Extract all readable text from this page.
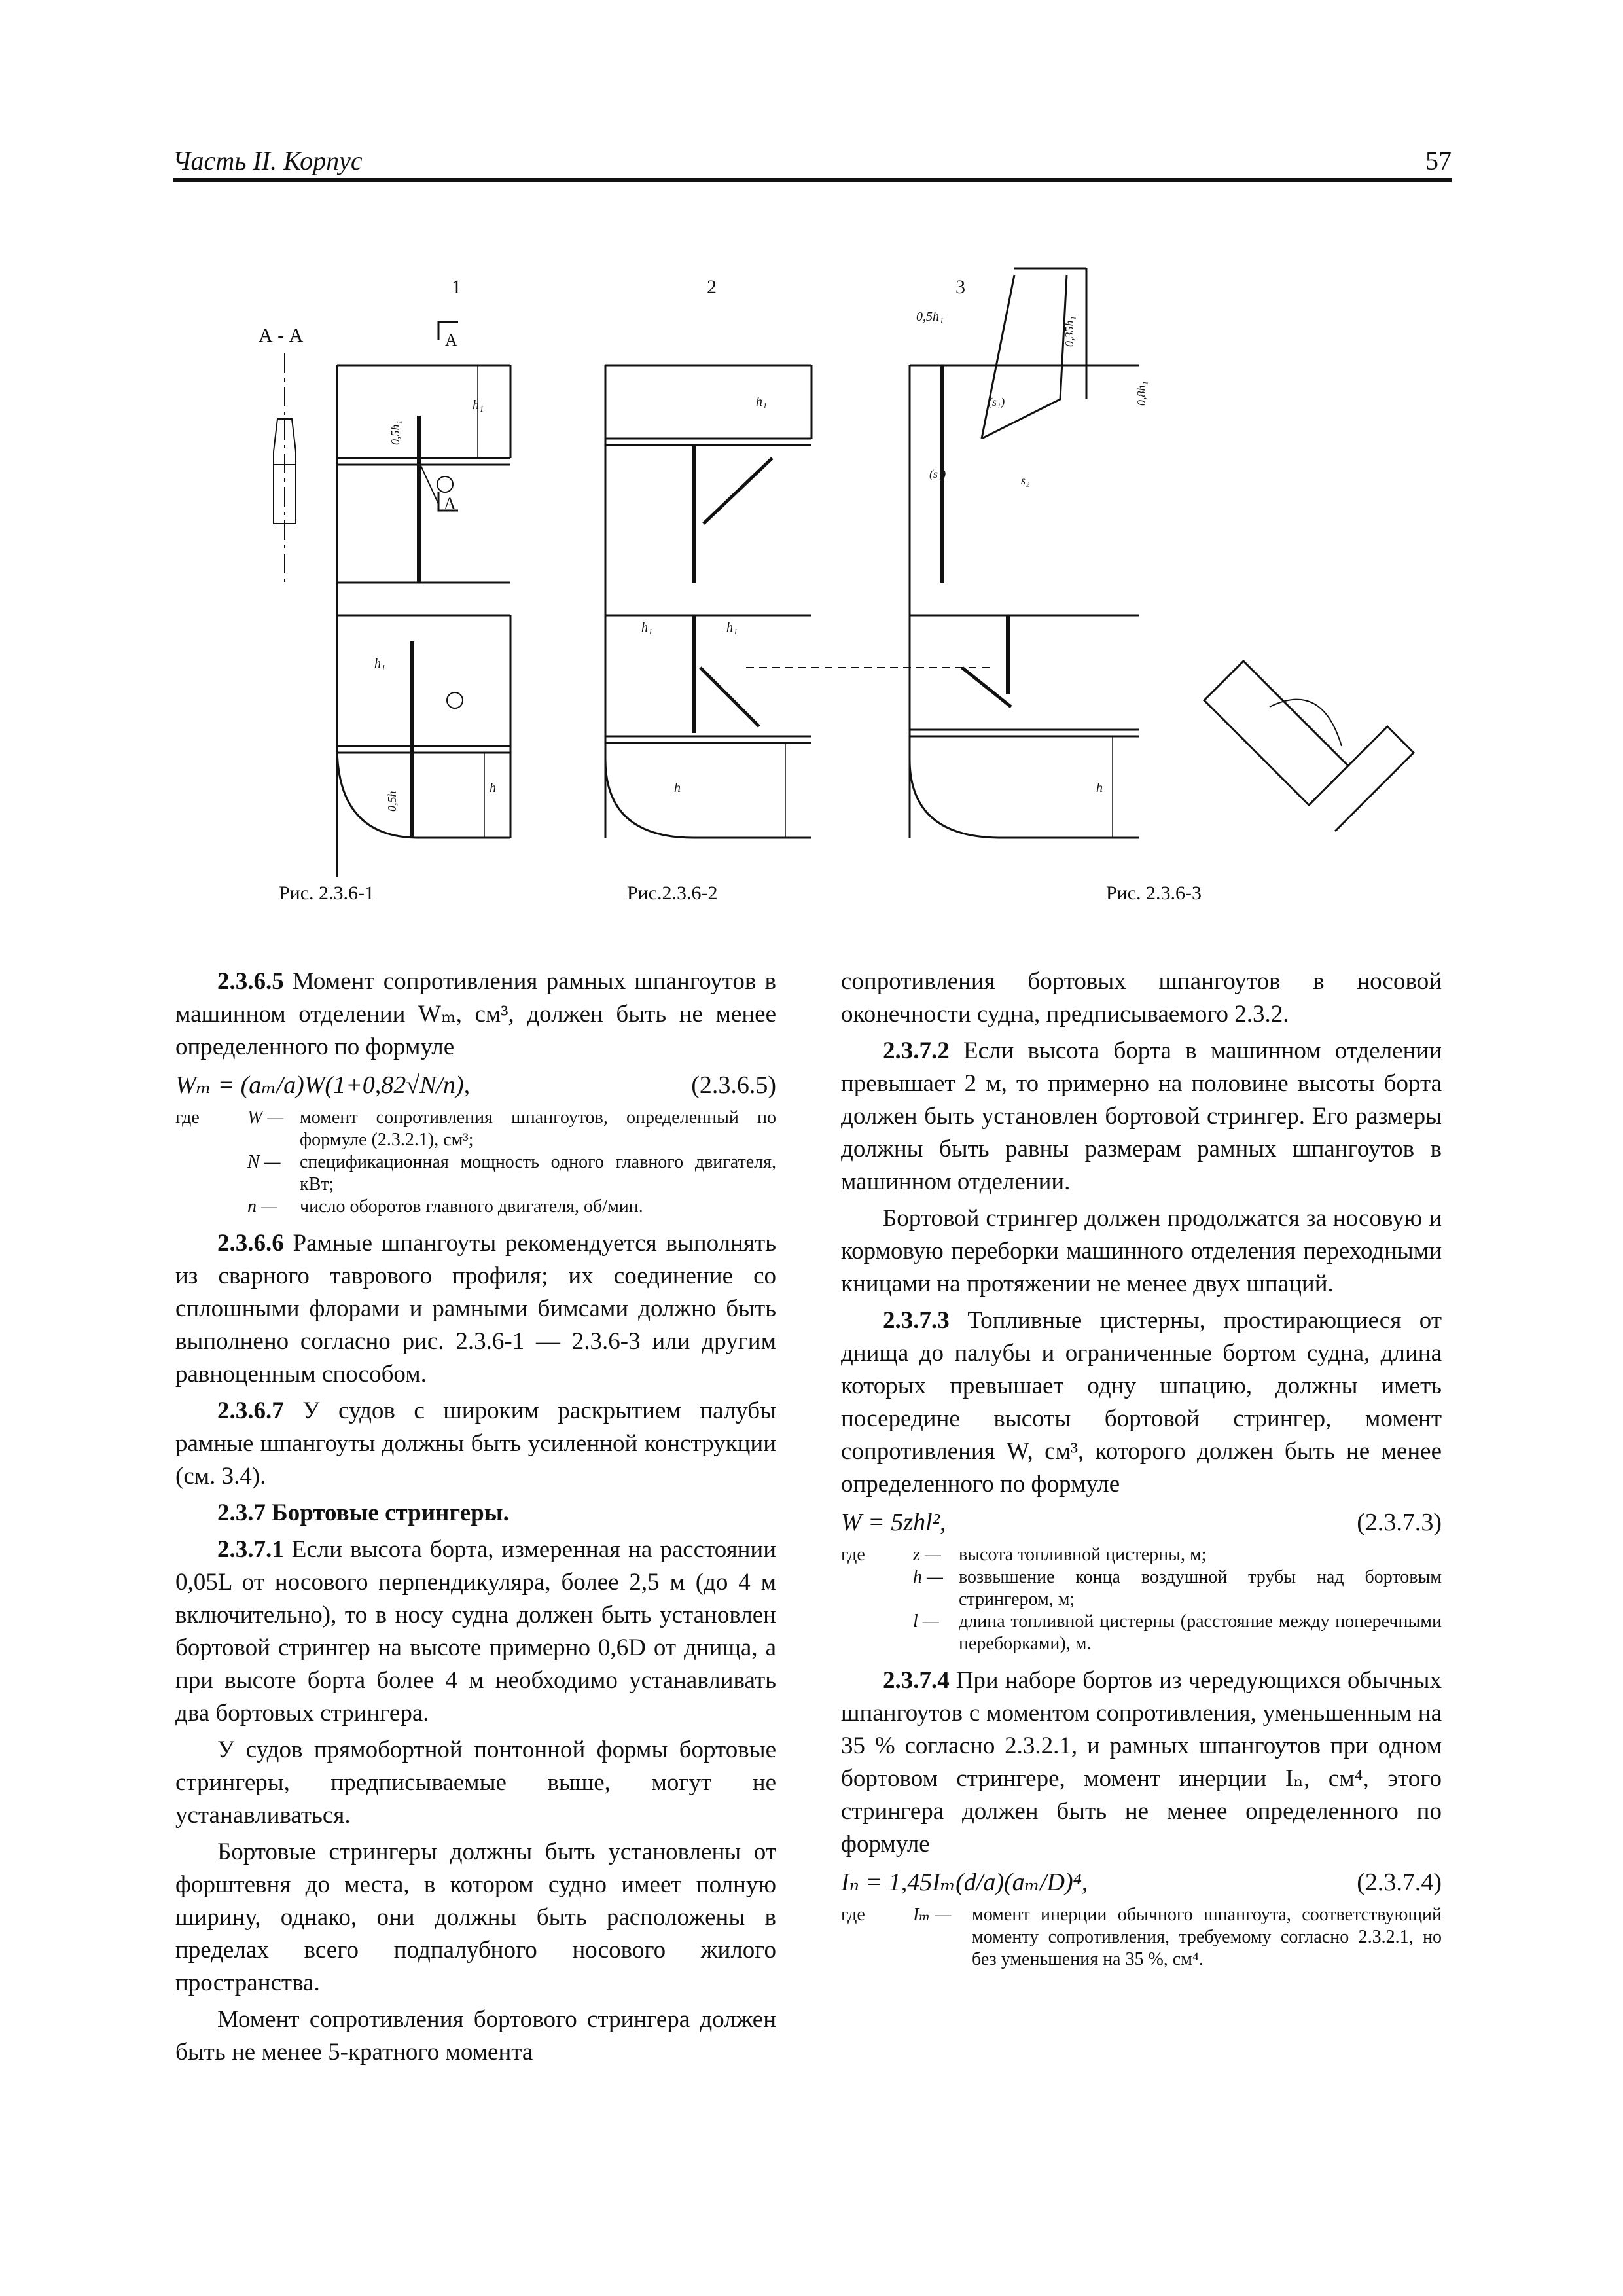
Часть II. Корпус	57
А - А
1
А
А
h₁
0,5h₁
h₁
h
0,5h
2
h₁
h₁	h₁
h
3
0,5h₁	0,35h₁
0,8h₁
(s₁)
(s₁)
s₂
h
Рис. 2.3.6-1	Рис.2.3.6-2	Рис. 2.3.6-3

2.3.6.5 Момент сопротивления рамных шпангоутов в машинном отделении Wₘ, см³, должен быть не менее определенного по формуле

Wₘ = (aₘ/a)W(1+0,82√N/n),	(2.3.6.5)
где	W — момент сопротивления шпангоутов, определенный по формуле (2.3.2.1), см³;
N —	спецификационная мощность одного главного двигателя, кВт;
n —	число оборотов главного двигателя, об/мин.

2.3.6.6 Рамные шпангоуты рекомендуется выполнять из сварного таврового профиля; их соединение со сплошными флорами и рамными бимсами должно быть выполнено согласно рис. 2.3.6-1 — 2.3.6-3 или другим равноценным способом.

2.3.6.7 У судов с широким раскрытием палубы рамные шпангоуты должны быть усиленной конструкции (см. 3.4).

2.3.7 Бортовые стрингеры.

2.3.7.1 Если высота борта, измеренная на расстоянии 0,05L от носового перпендикуляра, более 2,5 м (до 4 м включительно), то в носу судна должен быть установлен бортовой стрингер на высоте примерно 0,6D от днища, а при высоте борта более 4 м необходимо устанавливать два бортовых стрингера.

У судов прямобортной понтонной формы бортовые стрингеры, предписываемые выше, могут не устанавливаться.

Бортовые стрингеры должны быть установлены от форштевня до места, в котором судно имеет полную ширину, однако, они должны быть расположены в пределах всего подпалубного носового жилого пространства.

Момент сопротивления бортового стрингера должен быть не менее 5-кратного момента

сопротивления бортовых шпангоутов в носовой оконечности судна, предписываемого 2.3.2.

2.3.7.2 Если высота борта в машинном отделении превышает 2 м, то примерно на половине высоты борта должен быть установлен бортовой стрингер. Его размеры должны быть равны размерам рамных шпангоутов в машинном отделении.

Бортовой стрингер должен продолжатся за носовую и кормовую переборки машинного отделения переходными кницами на протяжении не менее двух шпаций.

2.3.7.3 Топливные цистерны, простирающиеся от днища до палубы и ограниченные бортом судна, длина которых превышает одну шпацию, должны иметь посередине высоты бортовой стрингер, момент сопротивления W, см³, которого должен быть не менее определенного по формуле

W = 5zhl²,	(2.3.7.3)
где	z — высота топливной цистерны, м;
h — возвышение конца воздушной трубы над бортовым стрингером, м;
l —	длина топливной цистерны (расстояние между поперечными переборками), м.

2.3.7.4 При наборе бортов из чередующихся обычных шпангоутов с моментом сопротивления, уменьшенным на 35 % согласно 2.3.2.1, и рамных шпангоутов при одном бортовом стрингере, момент инерции Iₙ, см⁴, этого стрингера должен быть не менее определенного по формуле

Iₙ = 1,45Iₘ(d/a)(aₘ/D)⁴,	(2.3.7.4)
где	Iₘ —	момент инерции обычного шпангоута, соответствующий моменту сопротивления, требуемому согласно 2.3.2.1, но без уменьшения на 35 %, см⁴.
